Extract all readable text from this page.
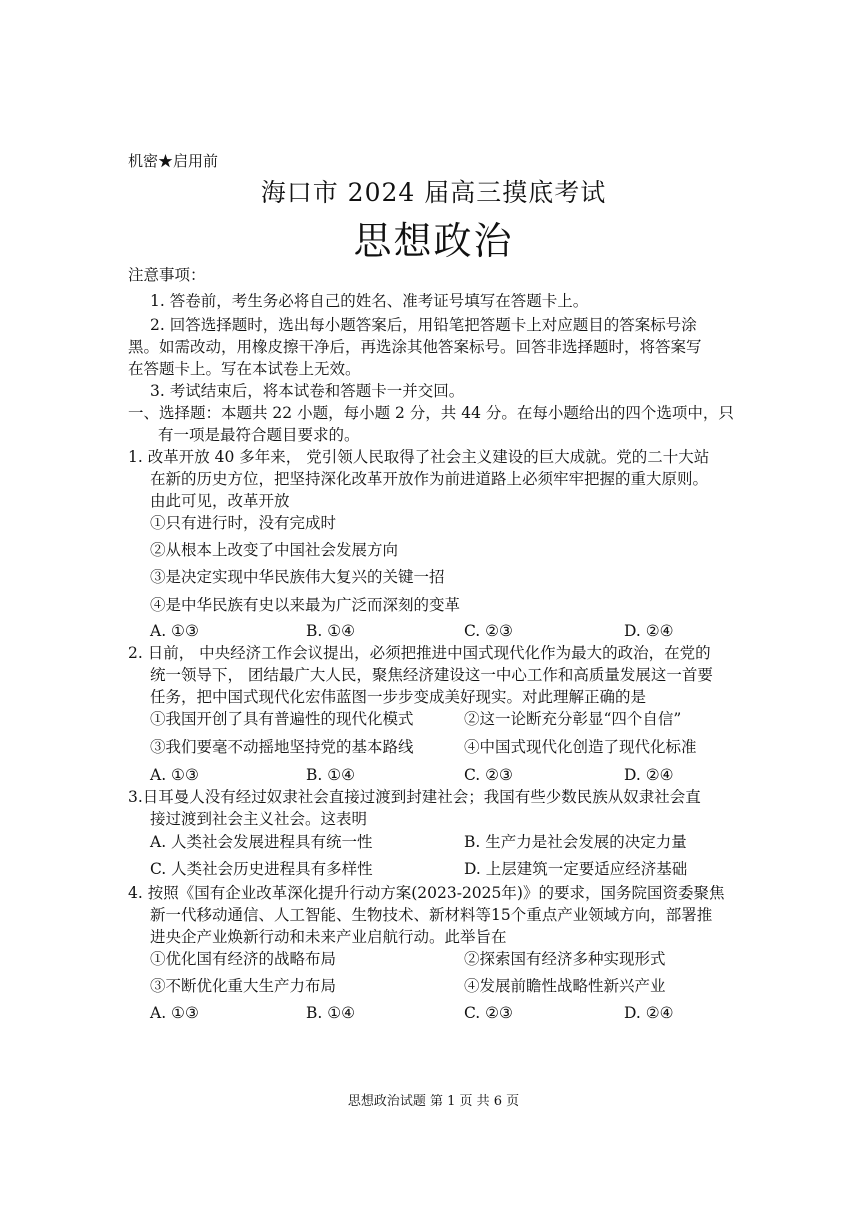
机密★启用前
海口市 2024 届高三摸底考试
思想政治
注意事项：
1. 答卷前，考生务必将自己的姓名、准考证号填写在答题卡上。
2. 回答选择题时，选出每小题答案后，用铅笔把答题卡上对应题目的答案标号涂
黑。如需改动，用橡皮擦干净后，再选涂其他答案标号。回答非选择题时，将答案写
在答题卡上。写在本试卷上无效。
3. 考试结束后，将本试卷和答题卡一并交回。
一、选择题：本题共 22 小题，每小题 2 分，共 44 分。在每小题给出的四个选项中，只
有一项是最符合题目要求的。
1. 改革开放 40 多年来， 党引领人民取得了社会主义建设的巨大成就。党的二十大站
在新的历史方位，把坚持深化改革开放作为前进道路上必须牢牢把握的重大原则。
由此可见，改革开放
①只有进行时，没有完成时
②从根本上改变了中国社会发展方向
③是决定实现中华民族伟大复兴的关键一招
④是中华民族有史以来最为广泛而深刻的变革
A. ①③	B. ①④	C. ②③	D. ②④
2. 日前， 中央经济工作会议提出，必须把推进中国式现代化作为最大的政治，在党的
统一领导下， 团结最广大人民，聚焦经济建设这一中心工作和高质量发展这一首要
任务，把中国式现代化宏伟蓝图一步步变成美好现实。对此理解正确的是
①我国开创了具有普遍性的现代化模式	②这一论断充分彰显“四个自信”
③我们要毫不动摇地坚持党的基本路线	④中国式现代化创造了现代化标准
A. ①③	B. ①④	C. ②③	D. ②④
3.日耳曼人没有经过奴隶社会直接过渡到封建社会；我国有些少数民族从奴隶社会直
接过渡到社会主义社会。这表明
A. 人类社会发展进程具有统一性	B. 生产力是社会发展的决定力量
C. 人类社会历史进程具有多样性	D. 上层建筑一定要适应经济基础
4. 按照《国有企业改革深化提升行动方案(2023-2025年)》的要求，国务院国资委聚焦
新一代移动通信、人工智能、生物技术、新材料等15个重点产业领域方向，部署推
进央企产业焕新行动和未来产业启航行动。此举旨在
①优化国有经济的战略布局	②探索国有经济多种实现形式
③不断优化重大生产力布局	④发展前瞻性战略性新兴产业
A. ①③	B. ①④	C. ②③	D. ②④
思想政治试题 第 1 页 共 6 页
